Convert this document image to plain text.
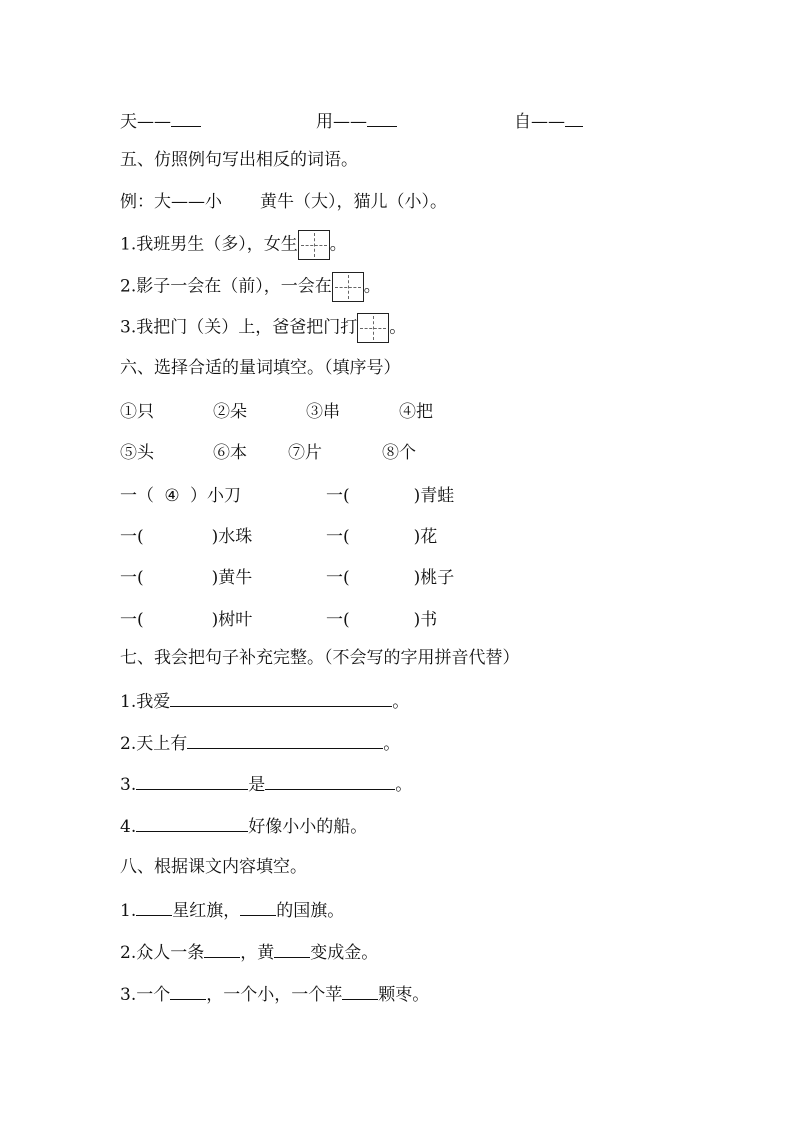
天——	用——	自——
五、仿照例句写出相反的词语。
例：大——小 黄牛（大），猫儿（小）。
1.我班男生（多），女生 。
2.影子一会在（前），一会在 。
3.我把门（关）上，爸爸把门打 。
六、选择合适的量词填空。（填序号）
①只	②朵	③串	④把
⑤头	⑥本 ⑦片	⑧个
一（ ④ ）小刀	一(	)青蛙
一(	)水珠	一(	)花
一(	)黄牛	一(	)桃子
一(	)树叶	一(	)书
七、我会把句子补充完整。（不会写的字用拼音代替）
1.我爱	。
2.天上有	。
3.	是	。
4.	好像小小的船。
八、根据课文内容填空。
1. 星红旗， 的国旗。
2.众人一条 ，黄 变成金。
3.一个 ，一个小，一个苹 颗枣。
